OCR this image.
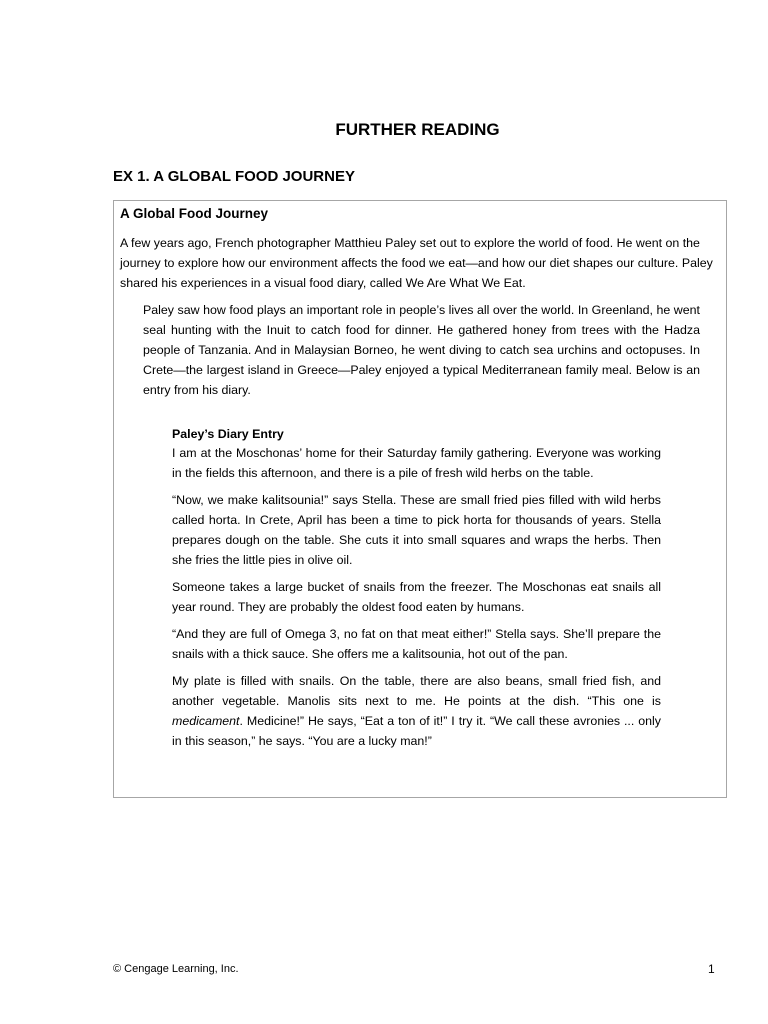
FURTHER READING
EX 1. A GLOBAL FOOD JOURNEY
A Global Food Journey

A few years ago, French photographer Matthieu Paley set out to explore the world of food. He went on the journey to explore how our environment affects the food we eat—and how our diet shapes our culture. Paley shared his experiences in a visual food diary, called We Are What We Eat.

Paley saw how food plays an important role in people’s lives all over the world. In Greenland, he went seal hunting with the Inuit to catch food for dinner. He gathered honey from trees with the Hadza people of Tanzania. And in Malaysian Borneo, he went diving to catch sea urchins and octopuses. In Crete—the largest island in Greece—Paley enjoyed a typical Mediterranean family meal. Below is an entry from his diary.

Paley’s Diary Entry

I am at the Moschonas’ home for their Saturday family gathering. Everyone was working in the fields this afternoon, and there is a pile of fresh wild herbs on the table.

“Now, we make kalitsounia!” says Stella. These are small fried pies filled with wild herbs called horta. In Crete, April has been a time to pick horta for thousands of years. Stella prepares dough on the table. She cuts it into small squares and wraps the herbs. Then she fries the little pies in olive oil.

Someone takes a large bucket of snails from the freezer. The Moschonas eat snails all year round. They are probably the oldest food eaten by humans.

“And they are full of Omega 3, no fat on that meat either!” Stella says. She’ll prepare the snails with a thick sauce. She offers me a kalitsounia, hot out of the pan.

My plate is filled with snails. On the table, there are also beans, small fried fish, and another vegetable. Manolis sits next to me. He points at the dish. “This one is medicament. Medicine!” He says, “Eat a ton of it!” I try it. “We call these avronies ... only in this season,” he says. “You are a lucky man!”

© Cengage Learning, Inc.	1
